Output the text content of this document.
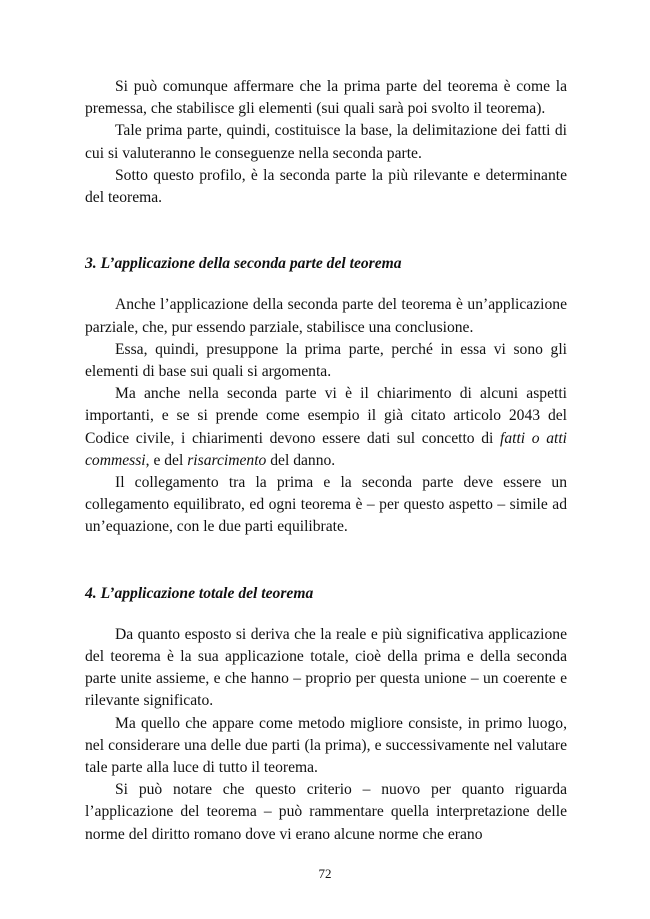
Si può comunque affermare che la prima parte del teorema è come la premessa, che stabilisce gli elementi (sui quali sarà poi svolto il teorema).

Tale prima parte, quindi, costituisce la base, la delimitazione dei fatti di cui si valuteranno le conseguenze nella seconda parte.

Sotto questo profilo, è la seconda parte la più rilevante e determinante del teorema.

3. L’applicazione della seconda parte del teorema

Anche l’applicazione della seconda parte del teorema è un’applicazione parziale, che, pur essendo parziale, stabilisce una conclusione.

Essa, quindi, presuppone la prima parte, perché in essa vi sono gli elementi di base sui quali si argomenta.

Ma anche nella seconda parte vi è il chiarimento di alcuni aspetti importanti, e se si prende come esempio il già citato articolo 2043 del Codice civile, i chiarimenti devono essere dati sul concetto di fatti o atti commessi, e del risarcimento del danno.

Il collegamento tra la prima e la seconda parte deve essere un collegamento equilibrato, ed ogni teorema è – per questo aspetto – simile ad un’equazione, con le due parti equilibrate.

4. L’applicazione totale del teorema

Da quanto esposto si deriva che la reale e più significativa applicazione del teorema è la sua applicazione totale, cioè della prima e della seconda parte unite assieme, e che hanno – proprio per questa unione – un coerente e rilevante significato.

Ma quello che appare come metodo migliore consiste, in primo luogo, nel considerare una delle due parti (la prima), e successivamente nel valutare tale parte alla luce di tutto il teorema.

Si può notare che questo criterio – nuovo per quanto riguarda l’applicazione del teorema – può rammentare quella interpretazione delle norme del diritto romano dove vi erano alcune norme che erano

72
